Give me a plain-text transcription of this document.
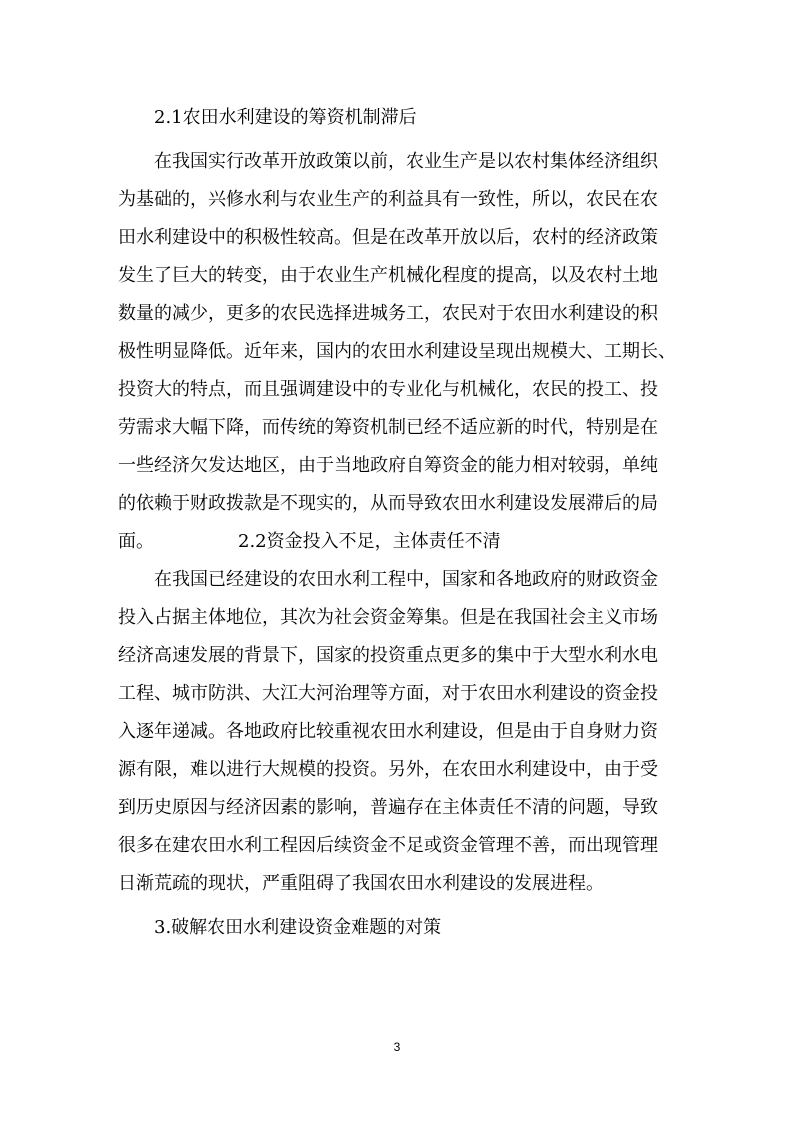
2.1农田水利建设的筹资机制滞后
在我国实行改革开放政策以前，农业生产是以农村集体经济组织
为基础的，兴修水利与农业生产的利益具有一致性，所以，农民在农
田水利建设中的积极性较高。但是在改革开放以后，农村的经济政策
发生了巨大的转变，由于农业生产机械化程度的提高，以及农村土地
数量的减少，更多的农民选择进城务工，农民对于农田水利建设的积
极性明显降低。近年来，国内的农田水利建设呈现出规模大、工期长、
投资大的特点，而且强调建设中的专业化与机械化，农民的投工、投
劳需求大幅下降，而传统的筹资机制已经不适应新的时代，特别是在
一些经济欠发达地区，由于当地政府自筹资金的能力相对较弱，单纯
的依赖于财政拨款是不现实的，从而导致农田水利建设发展滞后的局
面。	2.2资金投入不足，主体责任不清
在我国已经建设的农田水利工程中，国家和各地政府的财政资金
投入占据主体地位，其次为社会资金筹集。但是在我国社会主义市场
经济高速发展的背景下，国家的投资重点更多的集中于大型水利水电
工程、城市防洪、大江大河治理等方面，对于农田水利建设的资金投
入逐年递减。各地政府比较重视农田水利建设，但是由于自身财力资
源有限，难以进行大规模的投资。另外，在农田水利建设中，由于受
到历史原因与经济因素的影响，普遍存在主体责任不清的问题，导致
很多在建农田水利工程因后续资金不足或资金管理不善，而出现管理
日渐荒疏的现状，严重阻碍了我国农田水利建设的发展进程。
3.破解农田水利建设资金难题的对策
3
